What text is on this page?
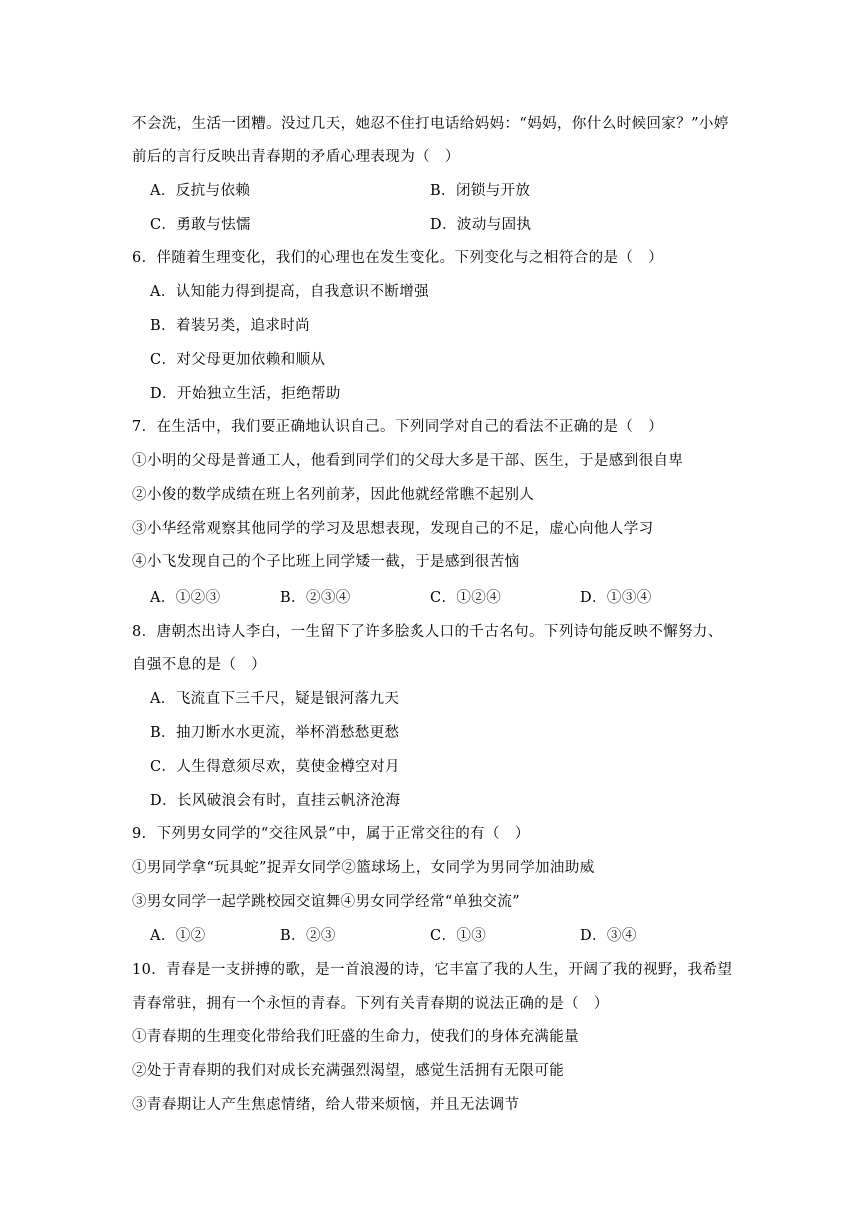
不会洗，生活一团糟。没过几天，她忍不住打电话给妈妈：“妈妈，你什么时候回家？”小婷
前后的言行反映出青春期的矛盾心理表现为（　）
A．反抗与依赖	B．闭锁与开放
C．勇敢与怯懦	D．波动与固执
6．伴随着生理变化，我们的心理也在发生变化。下列变化与之相符合的是（　）
A．认知能力得到提高，自我意识不断增强
B．着装另类，追求时尚
C．对父母更加依赖和顺从
D．开始独立生活，拒绝帮助
7．在生活中，我们要正确地认识自己。下列同学对自己的看法不正确的是（　）
①小明的父母是普通工人，他看到同学们的父母大多是干部、医生，于是感到很自卑
②小俊的数学成绩在班上名列前茅，因此他就经常瞧不起别人
③小华经常观察其他同学的学习及思想表现，发现自己的不足，虚心向他人学习
④小飞发现自己的个子比班上同学矮一截，于是感到很苦恼
A．①②③	B．②③④	C．①②④	D．①③④
8．唐朝杰出诗人李白，一生留下了许多脍炙人口的千古名句。下列诗句能反映不懈努力、
自强不息的是（　）
A．飞流直下三千尺，疑是银河落九天
B．抽刀断水水更流，举杯消愁愁更愁
C．人生得意须尽欢，莫使金樽空对月
D．长风破浪会有时，直挂云帆济沧海
9．下列男女同学的“交往风景”中，属于正常交往的有（　）
①男同学拿“玩具蛇”捉弄女同学②篮球场上，女同学为男同学加油助威
③男女同学一起学跳校园交谊舞④男女同学经常“单独交流”
A．①②	B．②③	C．①③	D．③④
10．青春是一支拼搏的歌，是一首浪漫的诗，它丰富了我的人生，开阔了我的视野，我希望
青春常驻，拥有一个永恒的青春。下列有关青春期的说法正确的是（　）
①青春期的生理变化带给我们旺盛的生命力，使我们的身体充满能量
②处于青春期的我们对成长充满强烈渴望，感觉生活拥有无限可能
③青春期让人产生焦虑情绪，给人带来烦恼，并且无法调节
